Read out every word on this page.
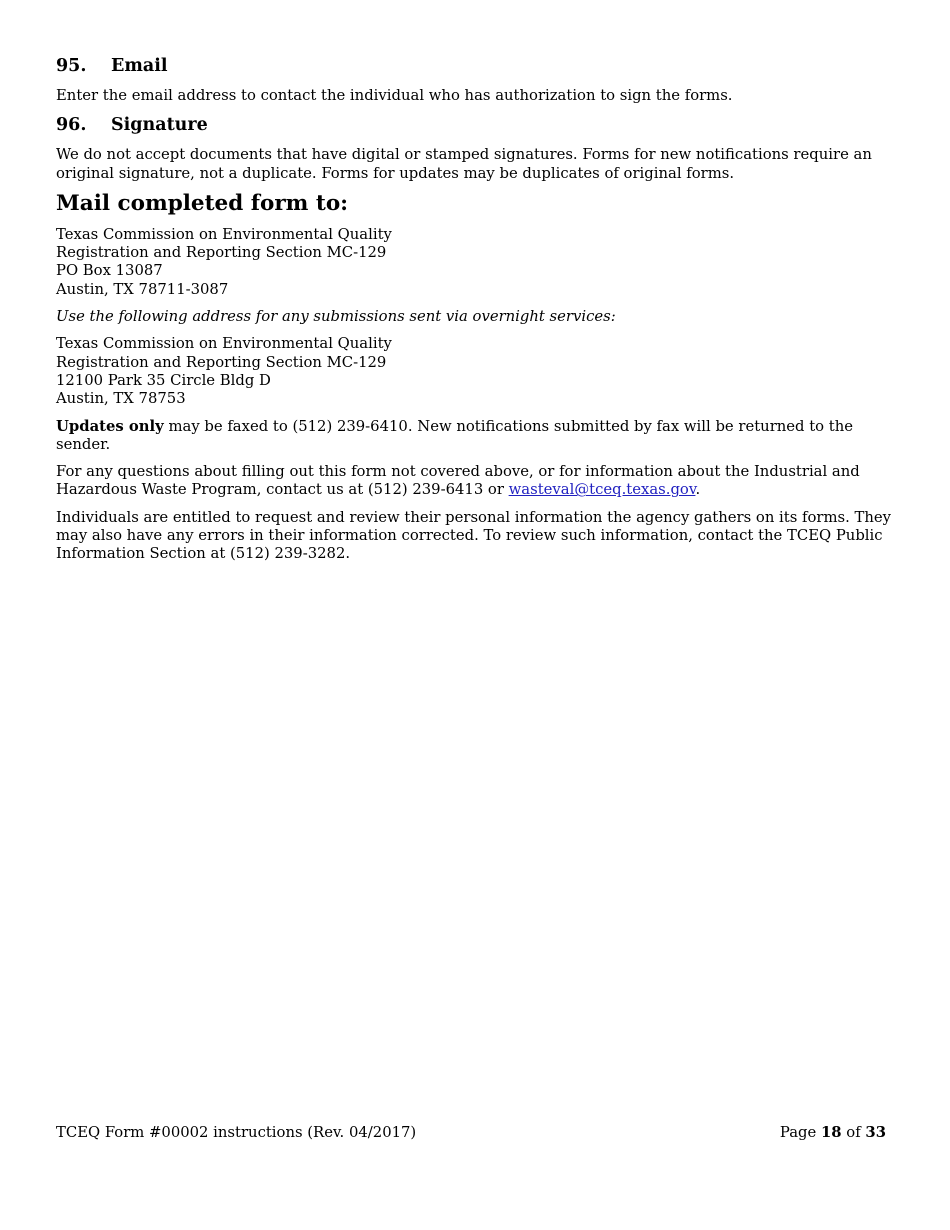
95.	Email

Enter the email address to contact the individual who has authorization to sign the forms.

96.	Signature

We do not accept documents that have digital or stamped signatures. Forms for new notifications require an
original signature, not a duplicate. Forms for updates may be duplicates of original forms.

Mail completed form to:
Texas Commission on Environmental Quality
Registration and Reporting Section MC-129
PO Box 13087
Austin, TX 78711-3087

Use the following address for any submissions sent via overnight services:

Texas Commission on Environmental Quality
Registration and Reporting Section MC-129
12100 Park 35 Circle Bldg D
Austin, TX 78753

Updates only may be faxed to (512) 239-6410. New notifications submitted by fax will be returned to the
sender.

For any questions about filling out this form not covered above, or for information about the Industrial and
Hazardous Waste Program, contact us at (512) 239-6413 or wasteval@tceq.texas.gov.

Individuals are entitled to request and review their personal information the agency gathers on its forms. They
may also have any errors in their information corrected. To review such information, contact the TCEQ Public
Information Section at (512) 239-3282.

TCEQ Form #00002 instructions (Rev. 04/2017)	Page 18 of 33
